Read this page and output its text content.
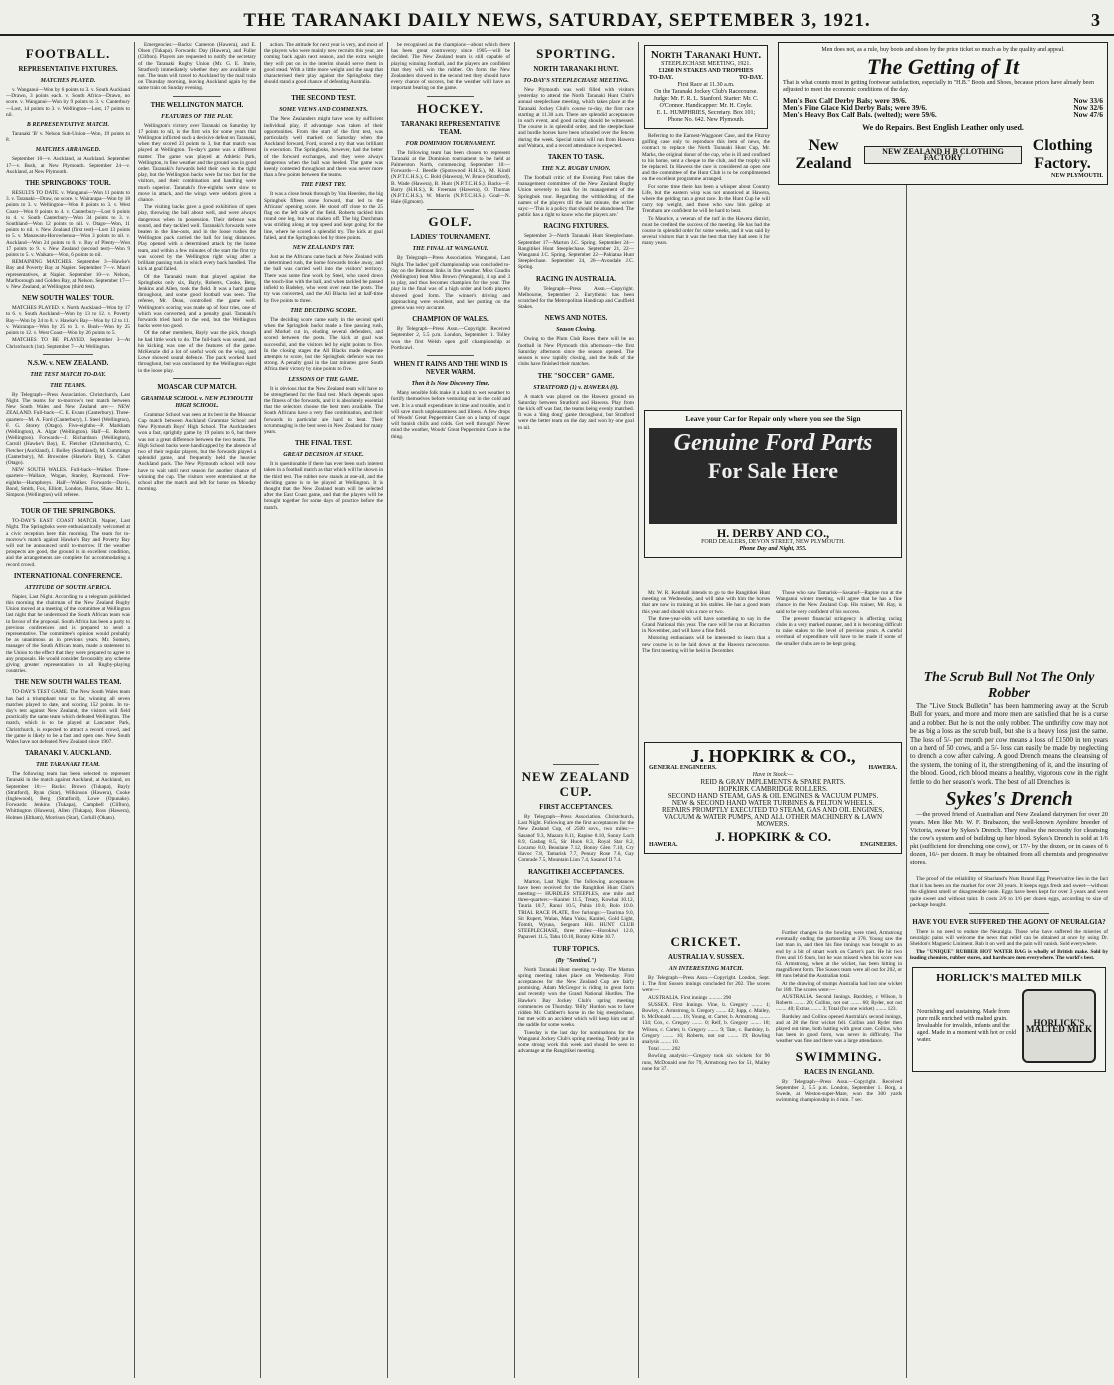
THE TARANAKI DAILY NEWS, SATURDAY, SEPTEMBER 3, 1921.	3
FOOTBALL.
REPRESENTATIVE FIXTURES.
MATCHES PLAYED.

v. Wanganui—Won by 6 points to 3. v. South Auckland—Drawn, 3 points each. v. South Africa—Drawn, no score. v. Wanganui—Won by 9 points to 3. v. Canterbury—Lost, 14 points to 3. v. Wellington—Lost, 17 points to nil.

B REPRESENTATIVE MATCH.

Taranaki 'B' v. Nelson Sub-Union—Won, 19 points to 8.

MATCHES ARRANGED.

September 10—v. Auckland, at Auckland. September 17—v. Bush, at New Plymouth. September 24—v. Auckland, at New Plymouth.

THE SPRINGBOKS' TOUR.

RESULTS TO DATE. v. Wanganui—Won 11 points to 3. v. Taranaki—Draw, no score. v. Wairarapa—Won by 18 points to 3. v. Wellington—Won 8 points to 3. v. West Coast—Won 8 points to 4. v. Canterbury—Lost 6 points to 4. v. South Canterbury—Won 34 points to 3. v. Southland—Won 12 points to nil. v. Otago—Won, 11 points to nil. v. New Zealand (first test)—Lost 13 points to 5. v. Manawatu-Horowhenua—Won 3 points to nil. v. Auckland—Won 24 points to 8. v. Bay of Plenty—Won 17 points to 9. v. New Zealand (second test)—Won 9 points to 5. v. Waikato—Won, 6 points to nil.

REMAINING MATCHES. September 3—Hawke's Bay and Poverty Bay at Napier. September 7—v. Maori representatives, at Napier. September 10—v. Nelson, Marlborough and Golden Bay, at Nelson. September 17—v. New Zealand, at Wellington (third test).

NEW SOUTH WALES' TOUR.

MATCHES PLAYED. v. North Auckland—Won by 17 to 6. v. South Auckland—Won by 13 to 12. v. Poverty Bay—Won by 24 to 8. v. Hawke's Bay—Won by 12 to 11. v. Wairarapa—Won by 25 to 3. v. Bush—Won by 25 points to 12. v. West Coast—Won by 26 points to 5.

MATCHES TO BE PLAYED. September 3—At Christchurch (1st). September 7—At Wellington.

N.S.W. v. NEW ZEALAND.
THE TEST MATCH TO-DAY.
THE TEAMS.

By Telegraph—Press Association. Christchurch, Last Night. The teams for to-morrow's test match between New South Wales and New Zealand are:— NEW ZEALAND. Full-back—C. E. Evans (Canterbury). Three-quarters—M. A. Ford (Canterbury), J. Steel (Wellington), F. G. Storey (Otago). Five-eighths—P. Markham (Wellington), A. Algar (Wellington). Half—E. Roberts (Wellington). Forwards—J. Richardson (Wellington), Carroll (Hawke's Bay), E. Fletcher (Christchurch), C. Fletcher (Auckland), J. Bolley (Southland), M. Cummings (Canterbury), M. Brownlee (Hawke's Bay), S. Cabot (Otago).

NEW SOUTH WALES. Full-back—Walker. Three-quarters—Wallace, Wogan, Stanley, Raymond. Five-eighths—Humphreys. Half—Walker. Forwards—Davis, Bond, Smith, Fox, Elliott, London, Burns, Shaw. Mr. L. Simpson (Wellington) will referee.

TOUR OF THE SPRINGBOKS.

TO-DAY'S EAST COAST MATCH. Napier, Last Night. The Springboks were enthusiastically welcomed at a civic reception here this morning. The team for to-morrow's match against Hawke's Bay and Poverty Bay will not be announced until to-morrow. If the weather prospects are good, the ground is in excellent condition, and the arrangements are complete for accommodating a record crowd.

INTERNATIONAL CONFERENCE.
ATTITUDE OF SOUTH AFRICA.

Napier, Last Night. According to a telegram published this morning the chairman of the New Zealand Rugby Union moved at a meeting of the committee at Wellington last night that he understood the South African team was in favour of the proposal. South Africa has been a party to previous conferences and is prepared to send a representative. The committee's opinion would probably be as unanimous as in previous years. Mr. Somers, manager of the South African team, made a statement to the Union to the effect that they were prepared to agree to any proposals. He would consider favourably any scheme giving greater representation to all Rugby-playing countries.

THE NEW SOUTH WALES TEAM.

TO-DAY'S TEST GAME. The New South Wales team has had a triumphant tour so far, winning all seven matches played to date, and scoring 152 points. In to-day's test against New Zealand, the visitors will field practically the same team which defeated Wellington. The match, which is to be played at Lancaster Park, Christchurch, is expected to attract a record crowd, and the game is likely to be a fast and open one. New South Wales have not defeated New Zealand since 1907.

TARANAKI V. AUCKLAND.
THE TARANAKI TEAM.

The following team has been selected to represent Taranaki in the match against Auckland, at Auckland, on September 10:— Backs: Brown (Tukapa), Bayly (Stratford), Ryan (Star), Wilkinson (Hawera), Cooke (Inglewood), Berg (Stratford), Lowe (Opunake). Forwards: Jenkins (Tukapa), Campbell (Clifton), Whittington (Hawera), Allen (Tukapa), Ross (Hawera), Holmes (Eltham), Morrison (Star), Corkill (Okato).

Emergencies:—Backs: Cameron (Hawera), and E. Olsen (Tukapa). Forwards: Day (Hawera), and Fuller (Clifton). Players are requested to notify the secretary of the Taranaki Rugby Union (Mr. G. E. Imrie, Stratford) immediately whether they are available or not. The team will travel to Auckland by the mail train on Thursday morning, leaving Auckland again by the same train on Sunday evening.

THE WELLINGTON MATCH.
FEATURES OF THE PLAY.

Wellington's victory over Taranaki on Saturday by 17 points to nil, is the first win for some years that Wellington inflicted such a decisive defeat on Taranaki, when they scored 23 points to 3, but that match was played at Wellington. To-day's game was a different matter. The game was played at Athletic Park, Wellington, in fine weather and the ground was in good order. Taranaki's forwards held their own in the tight play, but the Wellington backs were far too fast for the visitors, and their combination and handling were much superior. Taranaki's five-eighths were slow to move in attack, and the wings were seldom given a chance.

The visiting backs gave a good exhibition of open play, throwing the ball about well, and were always dangerous when in possession. Their defence was sound, and they tackled well. Taranaki's forwards were beaten in the line-outs, and in the loose rushes the Wellington pack carried the ball for long distances. Play opened with a determined attack by the home team, and within a few minutes of the start the first try was scored by the Wellington right wing after a brilliant passing rush in which every back handled. The kick at goal failed.

Of the Taranaki team that played against the Springboks only six, Bayly, Roberts, Cooke, Berg, Jenkins and Allen, took the field. It was a hard game throughout, and some good football was seen. The referee, Mr. Dean, controlled the game well. Wellington's scoring was made up of four tries, one of which was converted, and a penalty goal. Taranaki's forwards tried hard to the end, but the Wellington backs were too good.

Of the other members, Bayly was the pick, though he had little work to do. The full-back was sound, and his kicking was one of the features of the game. McKenzie did a lot of useful work on the wing, and Lowe showed sound defence. The pack worked hard throughout, but was outclassed by the Wellington eight in the loose play.

MOASCAR CUP MATCH.
GRAMMAR SCHOOL v. NEW PLYMOUTH HIGH SCHOOL.

Grammar School was seen at its best in the Moascar Cup match between Auckland Grammar School and New Plymouth Boys' High School. The Aucklanders won a fast, sprightly game by 19 points to 6, but there was not a great difference between the two teams. The High School backs were handicapped by the absence of two of their regular players, but the forwards played a splendid game, and frequently held the heavier Auckland pack. The New Plymouth school will now have to wait until next season for another chance of winning the cup. The visitors were entertained at the school after the match and left for home on Monday morning.

action. The attitude for next year is very, and most of the players who were mainly new recruits this year, are coming back again next season, and the extra weight they will put on in the interim should serve them in good stead. With a little more weight and the snap that characterised their play against the Springboks they should stand a good chance of defeating Australia.

THE SECOND TEST.
SOME VIEWS AND COMMENTS.

The New Zealanders might have won by sufficient individual play, if advantage was taken of their opportunities. From the start of the first test, was particularly well marked on Saturday when the Auckland forward, Ford, scored a try that was brilliant in execution. The Springboks, however, had the better of the forward exchanges, and they were always dangerous when the ball was heeled. The game was keenly contested throughout and there was never more than a few points between the teams.

THE FIRST TRY.

It was a close break through by Van Heerden, the big Springbok fifteen stone forward, that led to the Africans' opening score. He stood off close to the 25 flag on the left side of the field. Roberts tackled him round one leg, but was shaken off. The big Dutchman was striding along at top speed and kept going for the line, where he scored a splendid try. The kick at goal failed, and the Springboks led by three points.

NEW ZEALAND'S TRY.

Just as the Africans came back at New Zealand with a determined rush, the home forwards broke away, and the ball was carried well into the visitors' territory. There was some fine work by Steel, who raced down the touch-line with the ball, and when tackled he passed infield to Badeley, who went over near the posts. The try was converted, and the All Blacks led at half-time by five points to three.

THE DECIDING SCORE.

The deciding score came early in the second spell when the Springbok backs made a fine passing rush, and Morkel cut in, eluding several defenders, and scored between the posts. The kick at goal was successful, and the visitors led by eight points to five. In the closing stages the All Blacks made desperate attempts to score, but the Springbok defence was too strong. A penalty goal in the last minutes gave South Africa their victory by nine points to five.

LESSONS OF THE GAME.

It is obvious that the New Zealand team will have to be strengthened for the final test. Much depends upon the fitness of the forwards, and it is absolutely essential that the selectors choose the best men available. The South Africans have a very fine combination, and their forwards in particular are hard to beat. Their scrummaging is the best seen in New Zealand for many years.

THE FINAL TEST.
GREAT DECISION AT STAKE.

It is questionable if there has ever been such interest taken in a football match as that which will be shown in the third test. The rubber now stands at one-all, and the deciding game is to be played at Wellington. It is thought that the New Zealand team will be selected after the East Coast game, and that the players will be brought together for some days of practice before the match.

be recognised as the champions—about which there has been great controversy since 1905—will be decided. The New Zealand team is still capable of playing winning football, and the players are confident that they will win the rubber. On form the New Zealanders showed in the second test they should have every chance of success, but the weather will have an important bearing on the game.

HOCKEY.
TARANAKI REPRESENTATIVE TEAM.
FOR DOMINION TOURNAMENT.

The following team has been chosen to represent Taranaki at the Dominion tournament to be held at Palmerston North, commencing September 10:— Forwards—J. Beedle (Spotswood H.H.S.), M. Kindl (N.P.T.C.H.S.), C. Bold (Hawera), W. Bruce (Stratford), B. Wade (Hawera), B. Hunt (N.P.T.C.H.S.). Backs—F. Barry (H.H.S.), R. Freeman (Hawera), O. Thomas (N.P.T.C.H.S.), W. Morris (N.P.T.C.H.S.). Goal—N. Hale (Egmont).

GOLF.
LADIES' TOURNAMENT.
THE FINAL AT WANGANUI.

By Telegraph—Press Association. Wanganui, Last Night. The ladies' golf championship was concluded to-day on the Belmont links in fine weather. Miss Gaudin (Wellington) beat Miss Brown (Wanganui), 4 up and 3 to play, and thus becomes champion for the year. The play in the final was of a high order and both players showed good form. The winner's driving and approaching were excellent, and her putting on the greens was very accurate.

CHAMPION OF WALES.

By Telegraph—Press Assn.—Copyright. Received September 2, 5.5 p.m. London, September 1. Tolley won the first Welsh open golf championship at Porthcawl.

WHEN IT RAINS AND THE WIND IS NEVER WARM.
Then it Is Now Discovery Time.

Many sensible folk make it a habit to wet weather to fortify themselves before venturing out in the cold and wet. It is a small expenditure in time and trouble, and it will save much unpleasantness and illness. A few drops of Woods' Great Peppermint Cure on a lump of sugar will banish chills and colds. Get well through! Never mind the weather, Woods' Great Peppermint Cure is the thing.

SPORTING.
NORTH TARANAKI HUNT.
TO-DAY'S STEEPLECHASE MEETING.

New Plymouth was well filled with visitors yesterday to attend the North Taranaki Hunt Club's annual steeplechase meeting, which takes place at the Taranaki Jockey Club's course to-day, the first race starting at 11.30 a.m. There are splendid acceptances in each event, and good racing should be witnessed. The course is in splendid order, and the steeplechase and hurdle horses have been schooled over the fences during the week. Special trains will run from Hawera and Waitara, and a record attendance is expected.

TAKEN TO TASK.
THE N.Z. RUGBY UNION.

The football critic of the Evening Post takes the management committee of the New Zealand Rugby Union severely to task for its management of the Springbok tour. Regarding the withholding of the names of the players till the last minute, the writer says:—'This is a policy that should be abandoned. The public has a right to know who the players are.'

RACING FIXTURES.

September 3—North Taranaki Hunt Steeplechase. September 17—Marton J.C. Spring. September 24—Rangitikei Hunt Steeplechase. September 21, 22—Wanganui J.C. Spring. September 22—Pahiatua Hunt Steeplechase. September 24, 26—Avondale J.C. Spring.

RACING IN AUSTRALIA.

By Telegraph—Press Assn.—Copyright. Melbourne, September 2. Eurythmic has been scratched for the Metropolitan Handicap and Caulfield Stakes.

NEWS AND NOTES.
Season Closing.

Owing to the Plum Club Races there will be no football in New Plymouth this afternoon—the first Saturday afternoon since the season opened. The season is now rapidly closing, and the bulk of the clubs have finished their matches.

THE "SOCCER" GAME.
STRATFORD (1) v. HAWERA (0).

A match was played on the Hawera ground on Saturday between Stratford and Hawera. Play from the kick off was fast, the teams being evenly matched. It was a 'ding dong' game throughout, but Stratford were the better team on the day and won by one goal to nil.

NEW ZEALAND CUP.
FIRST ACCEPTANCES.

By Telegraph—Press Association. Christchurch, Last Night. Following are the first acceptances for the New Zealand Cup, of 2500 sovs., two miles:—Sasanof 9.3, Mazara 8.11, Rapine 8.10, Sunny Loch 8.9, Gasbag 8.5, Sir Huon 8.3, Royal Star 8.2, Locarno 8.0, Beaulane 7.12, Bonny Glen 7.10, Cry Havoc 7.8, Tamarisk 7.7, Penury Rose 7.6, Gay Comrade 7.5, Mountain Lion 7.4, Sasanof II 7.4.

RANGITIKEI ACCEPTANCES.

Marton, Last Night. The following acceptances have been received for the Rangitikei Hunt Club's meeting:— HURDLES STEEPLES, one mile and three-quarters:—Kanitei 11.5, Treaty, Kowhai 10.12, Tauria 10.7, Ranui 10.5, Pahia 10.0, Bolo 10.0. TRIAL RACE PLATE, five furlongs:—Taurima 9.0, Sir Rupert, Walan, Mata Vuku, Kanitei, Gold Light, Tomtit, Wyuna, Sergeant Hill. HUNT CLUB STEEPLECHASE, three miles:—Horokiwi 12.0, Papaveri 11.5, Tahu 10.10, Bonny Kiltie 10.7.

TURF TOPICS.
(By "Sentinel.")

North Taranaki Hunt meeting to-day. The Marton spring meeting takes place on Wednesday. First acceptances for the New Zealand Cup are fairly promising. Adam McGregor is riding in great form and recently won the Grand National Hurdles. The Hawke's Bay Jockey Club's spring meeting commences on Thursday. 'Billy' Hurdon was to have ridden Mr. Cuthbert's horse in the big steeplechase, but met with an accident which will keep him out of the saddle for some weeks.

Tuesday is the last day for nominations for the Wanganui Jockey Club's spring meeting. Teddy put in some strong work this week and should be seen to advantage at the Rangitikei meeting.

North Taranaki Hunt.
STEEPLECHASE MEETING, 1921.
£1260 IN STAKES AND TROPHIES
TO-DAY.	TO-DAY.
First Race at 11.30 a.m.
On the Taranaki Jockey Club's Racecourse.
Judge: Mr. F. R. L. Stanford. Starter: Mr. C. O'Connor. Handicapper: Mr. H. Coyle.
E. L. HUMPHRIES, Secretary. Box 101; Phone No. 642. New Plymouth.

Referring to the Earnest-Waggoner Case, and the Fitzroy golfing case only to reproduce this item of news, the contract to replace the North Taranaki Hunt Cup, Mr. Marks, the original donor of the cup, who is ill and confined to his home, sent a cheque to the club, and the trophy will be replaced. In Hawera the race is considered an open one and the committee of the Hunt Club is to be complimented on the excellent programme arranged.

For some time there has been a whisper about Country Life, but the eastern wisp was not unnoticed at Hawera, where the gelding ran a great race. In the Hunt Cup he will carry top weight, and those who saw him gallop at Trentham are confident he will be hard to beat.

To Maurice, a veteran of the turf in the Hawera district, must be credited the success of the meeting. He has had the course in splendid order for some weeks, and it was said by several visitors that it was the best that they had seen it for many years.

Leave your Car for Repair only where you see the Sign
Genuine Ford Parts
For Sale Here
H. DERBY AND CO.,
FORD DEALERS, DEVON STREET, NEW PLYMOUTH.
Phone Day and Night, 355.

Mr. W. R. Kemball intends to go to the Rangitikei Hunt meeting on Wednesday, and will take with him the horses that are now in training at his stables. He has a good team this year and should win a race or two.

The three-year-olds will have something to say in the Grand National this year. The race will be run at Riccarton in November, and will have a fine field.

Motoring enthusiasts will be interested to learn that a new course is to be laid down at the Hawera racecourse. The first meeting will be held in December.

Those who saw Tamarisk—Sasanof—Rapine run at the Wanganui winter meeting, will agree that he has a fine chance in the New Zealand Cup. His trainer, Mr. Ray, is said to be very confident of his success.

The present financial stringency is affecting racing clubs in a very marked manner, and it is becoming difficult to raise stakes to the level of previous years. A careful overhaul of expenditure will have to be made if some of the smaller clubs are to be kept going.

J. HOPKIRK & CO.,
GENERAL ENGINEERS.	HAWERA.
Have in Stock:—
REID & GRAY IMPLEMENTS & SPARE PARTS.
HOPKIRK CAMBRIDGE ROLLERS.
SECOND HAND STEAM, GAS & OIL ENGINES & VACUUM PUMPS.
NEW & SECOND HAND WATER TURBINES & PELTON WHEELS.
REPAIRS PROMPTLY EXECUTED TO STEAM, GAS AND OIL ENGINES, VACUUM & WATER PUMPS, AND ALL OTHER MACHINERY & LAWN MOWERS.
J. HOPKIRK & CO.
HAWERA.	ENGINEERS.
CRICKET.
AUSTRALIA V. SUSSEX.
AN INTERESTING MATCH.

By Telegraph—Press Assn.—Copyright. London, Sept. 1. The first Sussex innings concluded for 202. The scores were:—

AUSTRALIA. First innings .......... 290

SUSSEX. First Innings. Vine, b. Gregory ........ 1; Bowley, c. Armstrong, b. Gregory ........ 42; Jupp, c. Mailey, b. McDonald ........ 16; Young, st. Carter, b. Armstrong ........ 134; Cox, c. Gregory ........ 0; Relf, b. Gregory ........ 18; Wilson, c. Carter, b. Gregory ........ 9; Tate, c. Bardsley, b. Gregory ........ 16; Roberts, not out ........ 19; Bowling analysis ........ 10.

Total ........ 202

Bowling analysis:—Gregory took six wickets for 96 runs, McDonald one for 79, Armstrong two for 51, Mailey none for 37.

Further changes in the bowling were tried, Armstrong eventually ending the partnership at 378. Young saw the last man in, and then his fine innings was brought to an end by a bit of smart work on Carter's part. He hit two fives and 16 fours, but he was missed when his score was 63. Armstrong, when at the wicket, has been hitting in magnificent form. The Sussex team were all out for 202, or 88 runs behind the Australian total.

At the drawing of stumps Australia had lost one wicket for 180. The scores were:—

AUSTRALIA. Second Innings. Bardsley, c Wilson, b Roberts ........ 20; Collins, not out ........ 60; Ryder, not out ........ 40; Extras ........ 3; Total (for one wicket) ........ 123.

Bardsley and Collins opened Australia's second innings, and at 28 the first wicket fell. Collins and Ryder then played out time, both batting with great care. Collins, who has been in good form, was never in difficulty. The weather was fine and there was a large attendance.

SWIMMING.
RACES IN ENGLAND.

By Telegraph—Press Assn.—Copyright. Received September 2, 5.5 p.m. London, September 1. Borg, a Swede, at Weston-super-Mare, won the 300 yards swimming championship in 4 min. 7 sec.

Men does not, as a rule, buy boots and shoes by the price ticket so much as by the quality and appeal.
The Getting of It
That is what counts most in getting footwear satisfaction, especially in "H.B." Boots and Shoes, because prices have already been adjusted to meet the economic conditions of the day.
Men's Box Calf Derby Bals; were 39/6.	Now 33/6
Men's Fine Glace Kid Derby Bals; were 39/6.	Now 32/6
Men's Heavy Box Calf Bals. (welted); were 59/6.	Now 47/6
We do Repairs. Best English Leather only used.
New Zealand
NEW ZEALAND H B CLOTHING FACTORY
Clothing Factory.
NEW PLYMOUTH.
The Scrub Bull Not The Only Robber

The "Live Stock Bulletin" has been hammering away at the Scrub Bull for years, and more and more men are satisfied that he is a curse and a robber. But he is not the only robber. The unthrifty cow may not be as big a loss as the scrub bull, but she is a heavy loss just the same. The loss of 5/- per month per cow means a loss of £1500 in ten years on a herd of 50 cows, and a 5/- loss can easily be made by neglecting to drench a cow after calving. A good Drench means the cleansing of the system, the toning of it, the strengthening of it, and the insuring of the blood. Good, rich blood means a healthy, vigorous cow in the right fettle to do her season's work. The best of all Drenches is

Sykes's Drench

—the proved friend of Australian and New Zealand dairymen for over 20 years. Men like Mr. W. F. Brabazon, the well-known Ayrshire breeder of Victoria, swear by Sykes's Drench. They realise the necessity for cleansing the cow's system and of building up her blood. Sykes's Drench is sold at 1/6 pkt (sufficient for drenching one cow), or 17/- by the dozen, or in cases of 6 dozen, 16/- per dozen. It may be obtained from all chemists and progressive stores.

The proof of the reliability of Sharland's Nuts Brand Egg Preservative lies in the fact that it has been on the market for over 20 years. It keeps eggs fresh and sweet—without the slightest smell or disagreeable taste. Eggs have been kept for over 3 years and were quite sweet and without taint. It costs 2/6 to 1/6 per dozen eggs, according to size of package bought.

HAVE YOU EVER SUFFERED THE AGONY OF NEURALGIA?

There is no need to endure the Neuralgia. Those who have suffered the miseries of neuralgic pains will welcome the news that relief can be obtained at once by using Dr. Sheldon's Magnetic Liniment. Rub it on well and the pain will vanish. Sold everywhere.

The "UNIQUE" RUBBER HOT WATER BAG is wholly of British make. Sold by leading chemists, rubber stores, and hardware men everywhere. The world's best.

HORLICK'S MALTED MILK
Nourishing and sustaining. Made from pure milk enriched with malted grain. Invaluable for invalids, infants and the aged. Made in a moment with hot or cold water.
HORLICK'S MALTED MILK
